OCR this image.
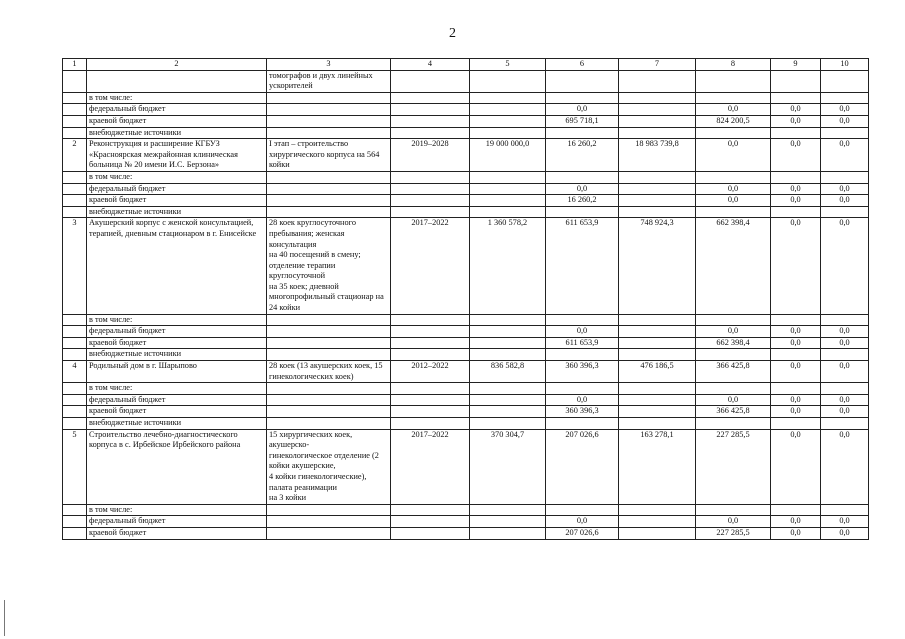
2
1	2	3	4	5	6	7	8	9	10
		томографов и двух линейных ускорителей							
	в том числе:								
	федеральный бюджет				0,0		0,0	0,0	0,0
	краевой бюджет				695 718,1		824 200,5	0,0	0,0
	внебюджетные источники								
2	Реконструкция и расширение КГБУЗ «Красноярская межрайонная клиническая больница № 20 имени И.С. Берзона»	I этап – строительство хирургического корпуса на 564 койки	2019–2028	19 000 000,0	16 260,2	18 983 739,8	0,0	0,0	0,0
	в том числе:								
	федеральный бюджет				0,0		0,0	0,0	0,0
	краевой бюджет				16 260,2		0,0	0,0	0,0
	внебюджетные источники								
3	Акушерский корпус с женской консультацией, терапией, дневным стационаром в г. Енисейске	28 коек круглосуточного пребывания; женская консультация
на 40 посещений в смену; отделение терапии круглосуточной
на 35 коек; дневной многопрофильный стационар на 24 койки	2017–2022	1 360 578,2	611 653,9	748 924,3	662 398,4	0,0	0,0
	в том числе:								
	федеральный бюджет				0,0		0,0	0,0	0,0
	краевой бюджет				611 653,9		662 398,4	0,0	0,0
	внебюджетные источники								
4	Родильный дом в г. Шарыпово	28 коек (13 акушерских коек, 15 гинекологических коек)	2012–2022	836 582,8	360 396,3	476 186,5	366 425,8	0,0	0,0
	в том числе:								
	федеральный бюджет				0,0		0,0	0,0	0,0
	краевой бюджет				360 396,3		366 425,8	0,0	0,0
	внебюджетные источники								
5	Строительство лечебно-диагностического корпуса в с. Ирбейское Ирбейского района	15 хирургических коек, акушерско-
гинекологическое отделение (2 койки акушерские,
4 койки гинекологические), палата реанимации
на 3 койки	2017–2022	370 304,7	207 026,6	163 278,1	227 285,5	0,0	0,0
	в том числе:								
	федеральный бюджет				0,0		0,0	0,0	0,0
	краевой бюджет				207 026,6		227 285,5	0,0	0,0
